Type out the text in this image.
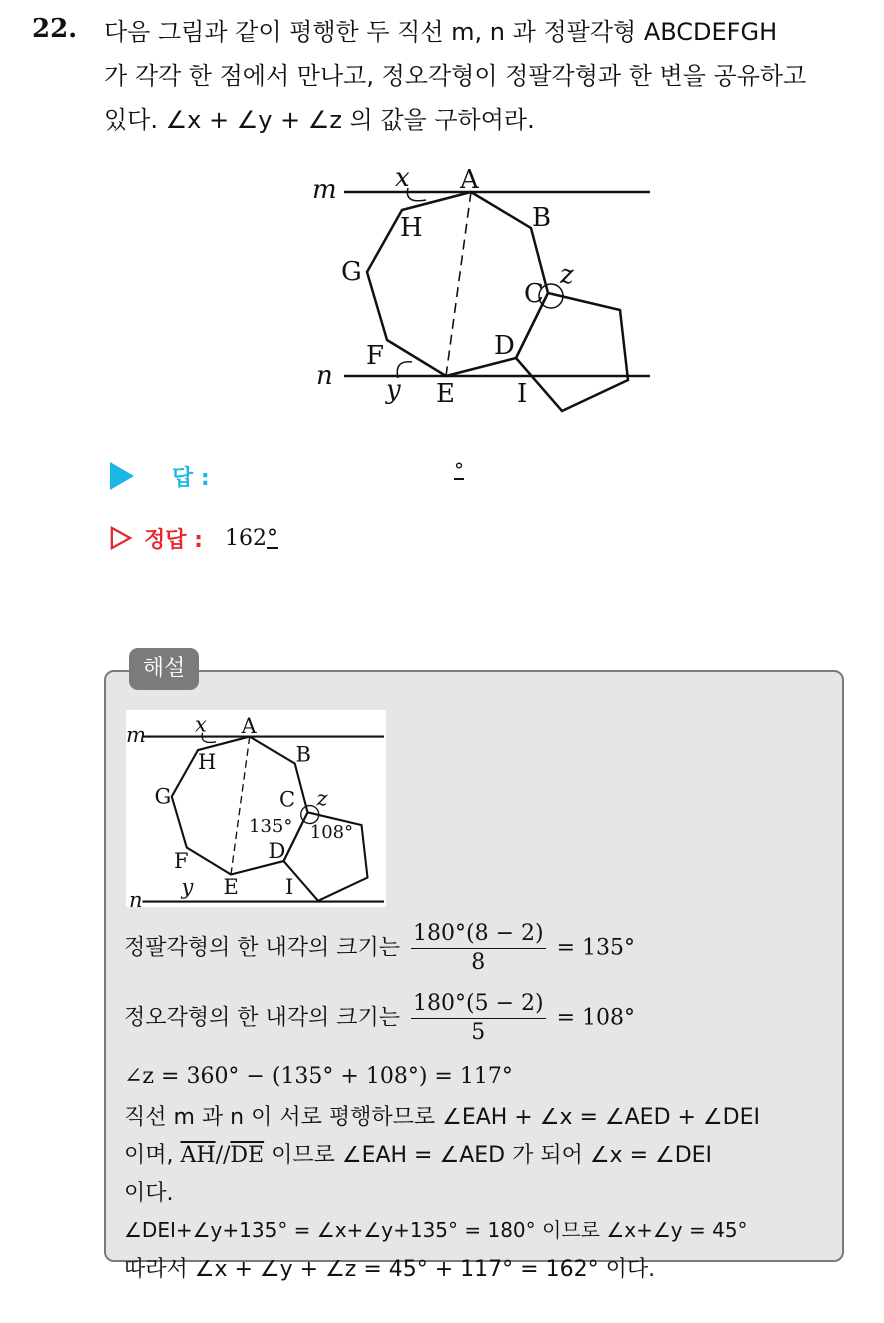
22. 다음 그림과 같이 평행한 두 직선 m, n 과 정팔각형 ABCDEFGH

가 각각 한 점에서 만나고, 정오각형이 정팔각형과 한 변을 공유하고

있다. ∠x + ∠y + ∠z 의 값을 구하여라.

m
n
x
y
z
A
B
C
D
E
F
G
H
I
답 :	°
정답 : 162°
해설
A
B
C
D
E
F
G
H
I
m
n
x
y
z
135° 108°
정팔각형의 한 내각의 크기는 $\frac{180^\circ(8 - 2)}{8} = 135^\circ$
정오각형의 한 내각의 크기는 $\frac{180^\circ(5 - 2)}{5} = 108^\circ$
∠z = 360° − (135° + 108°) = 117°
직선 m 과 n 이 서로 평행하므로 ∠EAH + ∠x = ∠AED + ∠DEI
이며, $\overline{AH}//\overline{DE}$ 이므로 ∠EAH = ∠AED 가 되어 ∠x = ∠DEI
이다.
∠DEI+∠y+135° = ∠x+∠y+135° = 180° 이므로 ∠x+∠y = 45°
따라서 ∠x + ∠y + ∠z = 45° + 117° = 162° 이다.
